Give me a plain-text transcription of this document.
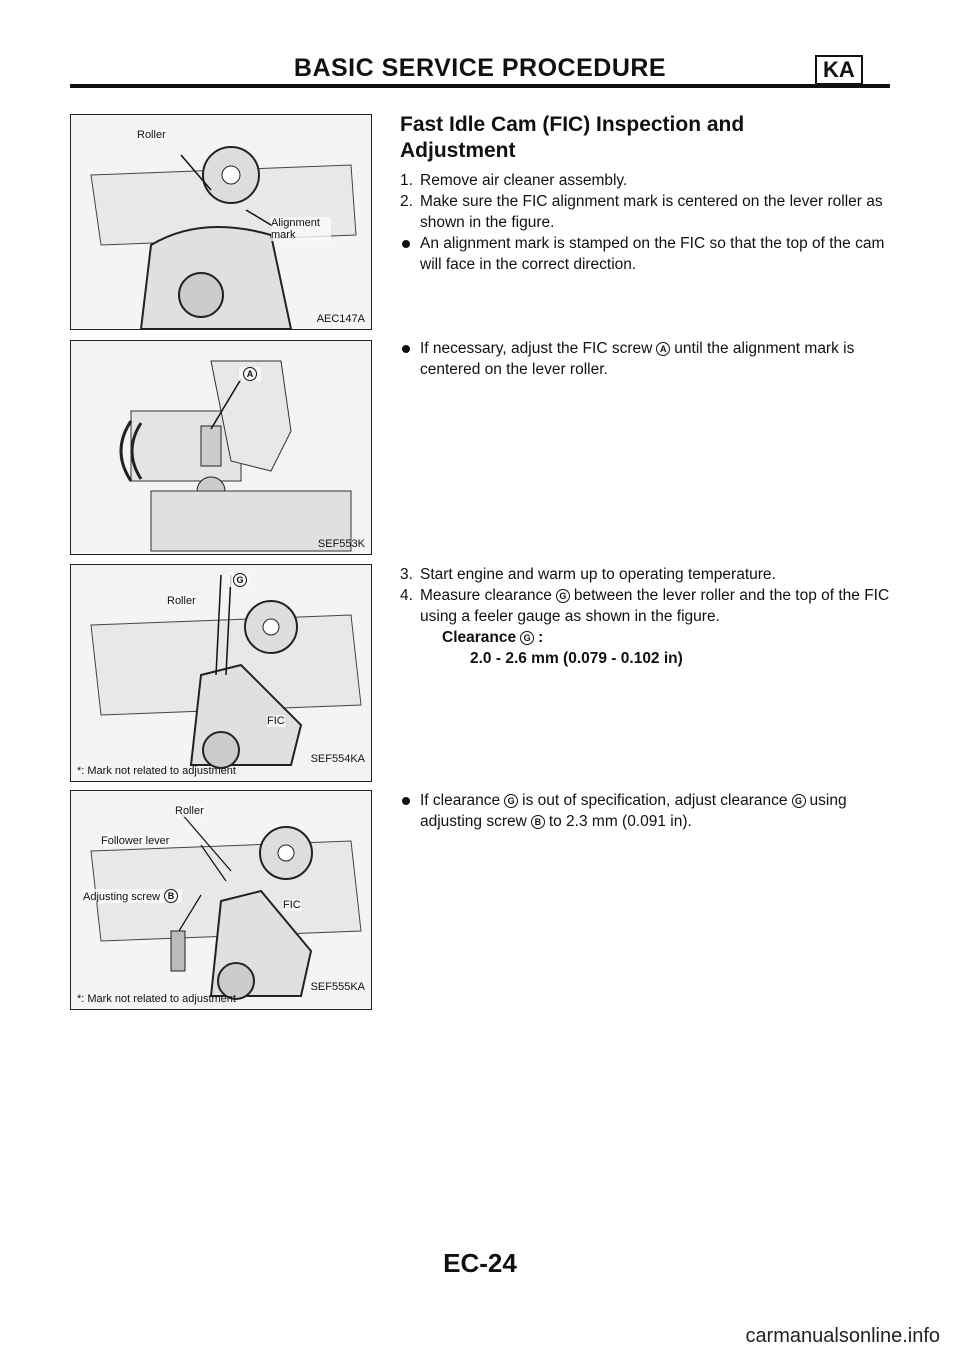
BASIC SERVICE PROCEDURE	KA
Roller
Alignment mark
AEC147A
A
SEF553K
G
Roller
FIC
*: Mark not related to adjustment
SEF554KA
Roller
Follower lever
Adjusting screw B
FIC
*: Mark not related to adjustment
SEF555KA
Fast Idle Cam (FIC) Inspection and Adjustment
1. Remove air cleaner assembly.
2. Make sure the FIC alignment mark is centered on the lever roller as shown in the figure.
An alignment mark is stamped on the FIC so that the top of the cam will face in the correct direction.
If necessary, adjust the FIC screw A until the alignment mark is centered on the lever roller.
3. Start engine and warm up to operating temperature.
4. Measure clearance G between the lever roller and the top of the FIC using a feeler gauge as shown in the figure.
Clearance G :
2.0 - 2.6 mm (0.079 - 0.102 in)
If clearance G is out of specification, adjust clearance G using adjusting screw B to 2.3 mm (0.091 in).
EC-24
carmanualsonline.info
